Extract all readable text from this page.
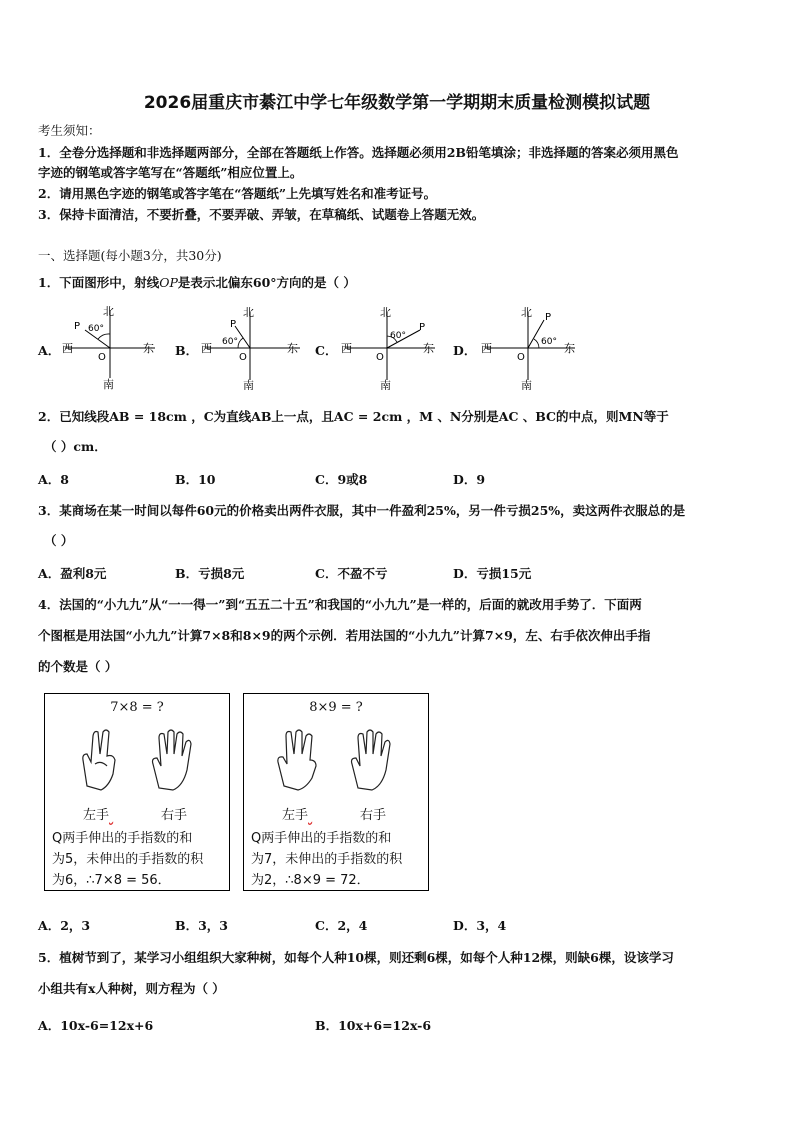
2026届重庆市綦江中学七年级数学第一学期期末质量检测模拟试题
考生须知：
1．全卷分选择题和非选择题两部分，全部在答题纸上作答。选择题必须用2B铅笔填涂；非选择题的答案必须用黑色
字迹的钢笔或答字笔写在“答题纸”相应位置上。
2．请用黑色字迹的钢笔或答字笔在“答题纸”上先填写姓名和准考证号。
3．保持卡面清洁，不要折叠，不要弄破、弄皱，在草稿纸、试题卷上答题无效。
一、选择题(每小题3分，共30分)
1．下面图形中，射线OP是表示北偏东60°方向的是（ ）
A．	B．	C．	D．
北
南
东
西
P
O
60°
北
南
东
西
P
O
60°
北
南
东
西
P
O
60°
北
南
东
西
P
O
60°
2．已知线段AB = 18cm ，C为直线AB上一点，且AC = 2cm ，M 、N分别是AC 、BC的中点，则MN等于
（ ）cm．
A．8	B．10	C．9或8	D．9
3．某商场在某一时间以每件60元的价格卖出两件衣服，其中一件盈利25%，另一件亏损25%，卖这两件衣服总的是
（ ）
A．盈利8元	B．亏损8元	C．不盈不亏	D．亏损15元
4．法国的“小九九”从“一一得一”到“五五二十五”和我国的“小九九”是一样的，后面的就改用手势了．下面两
个图框是用法国“小九九”计算7×8和8×9的两个示例．若用法国的“小九九”计算7×9，左、右手依次伸出手指
的个数是（ ）
7×8 = ?
左手	右手
Q两手伸出的手指数的和
为5，未伸出的手指数的积
为6，∴7×8 = 56．
8×9 = ?
左手	右手
Q两手伸出的手指数的和
为7，未伸出的手指数的积
为2，∴8×9 = 72．
A．2，3	B．3，3	C．2，4	D．3，4
5．植树节到了，某学习小组组织大家种树，如每个人种10棵，则还剩6棵，如每个人种12棵，则缺6棵，设该学习
小组共有x人种树，则方程为（ ）
A．10x-6=12x+6	B．10x+6=12x-6
